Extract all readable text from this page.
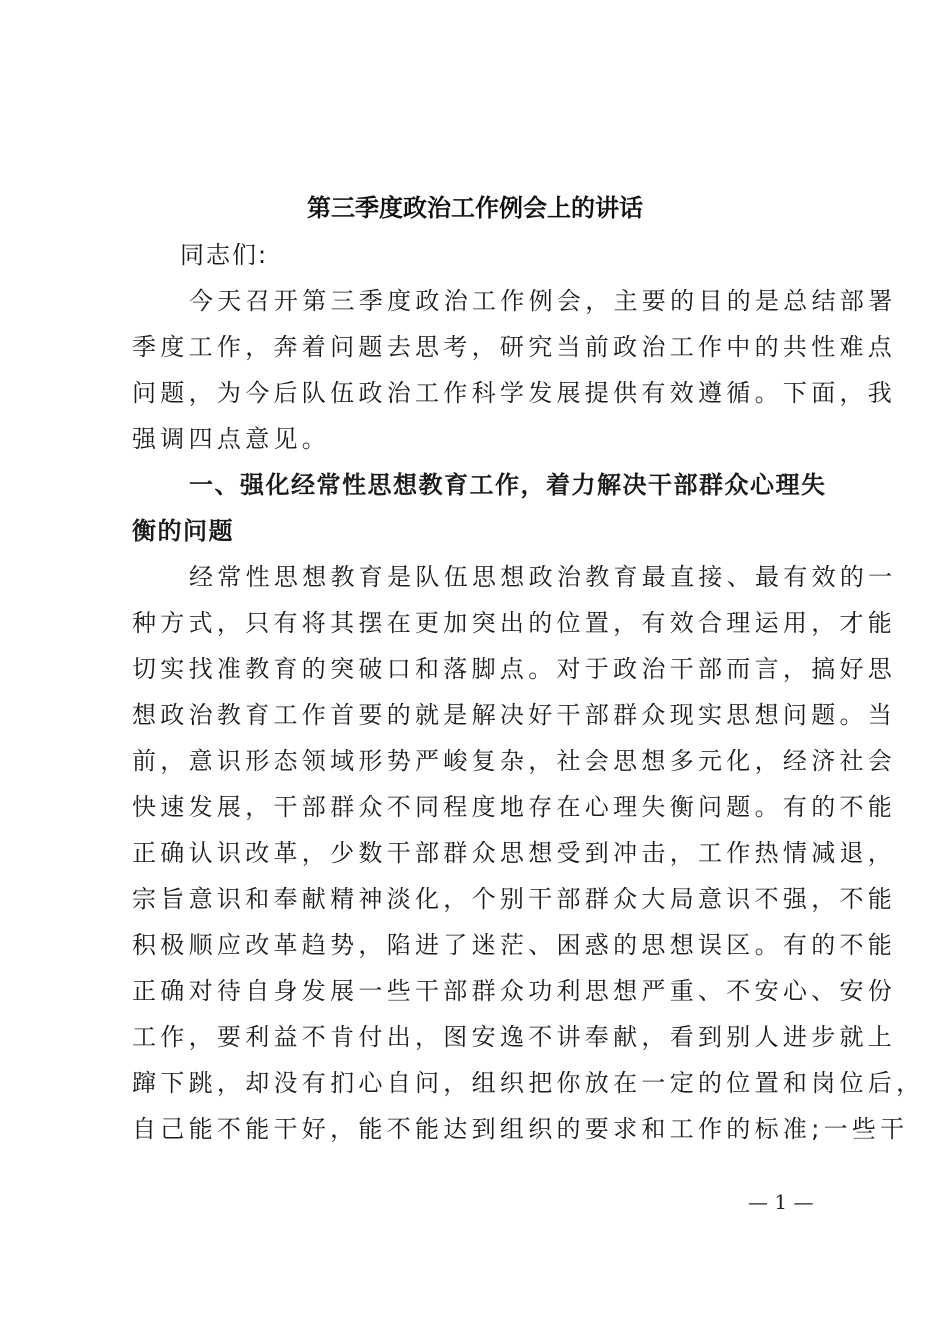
第三季度政治工作例会上的讲话
同志们:
今天召开第三季度政治工作例会，主要的目的是总结部署
季度工作，奔着问题去思考，研究当前政治工作中的共性难点
问题，为今后队伍政治工作科学发展提供有效遵循。下面，我
强调四点意见。
一、强化经常性思想教育工作，着力解决干部群众心理失
衡的问题
经常性思想教育是队伍思想政治教育最直接、最有效的一
种方式，只有将其摆在更加突出的位置，有效合理运用，才能
切实找准教育的突破口和落脚点。对于政治干部而言，搞好思
想政治教育工作首要的就是解决好干部群众现实思想问题。当
前，意识形态领域形势严峻复杂，社会思想多元化，经济社会
快速发展，干部群众不同程度地存在心理失衡问题。有的不能
正确认识改革，少数干部群众思想受到冲击，工作热情减退，
宗旨意识和奉献精神淡化，个别干部群众大局意识不强，不能
积极顺应改革趋势，陷进了迷茫、困惑的思想误区。有的不能
正确对待自身发展一些干部群众功利思想严重、不安心、安份
工作，要利益不肯付出，图安逸不讲奉献，看到别人进步就上
蹿下跳，却没有扪心自问，组织把你放在一定的位置和岗位后，
自己能不能干好，能不能达到组织的要求和工作的标准;一些干
— 1 —
